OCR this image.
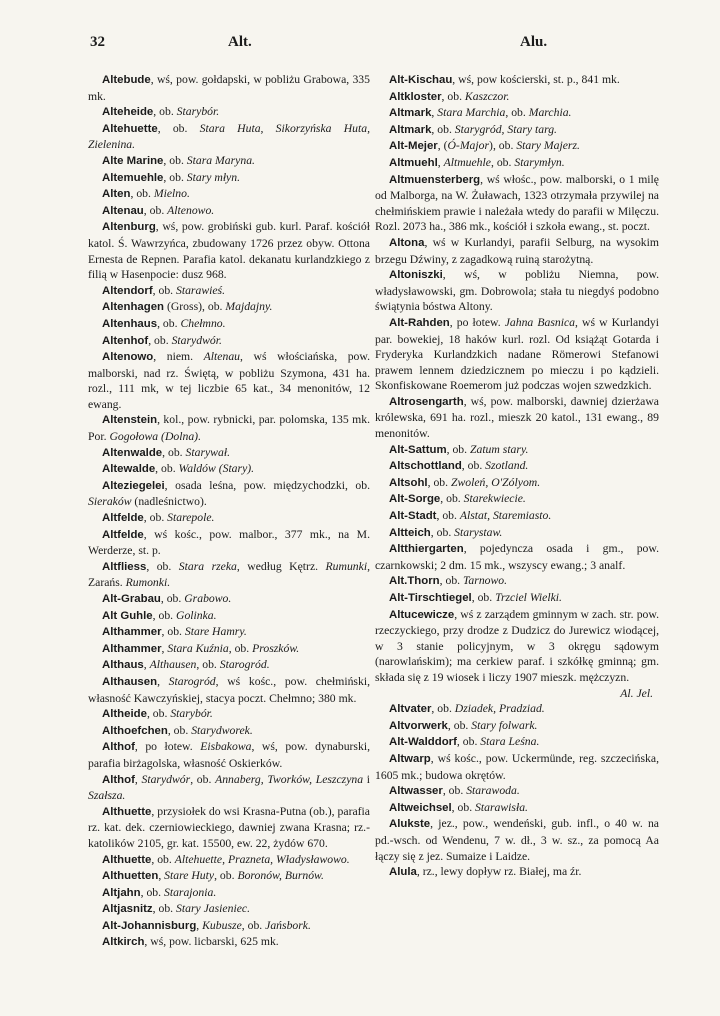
32	Alt.	Alu.

Altebude, wś, pow. gołdapski, w pobliżu Grabowa, 335 mk.

Alteheide, ob. Starybór.

Altehuette, ob. Stara Huta, Sikorzyńska Huta, Zielenina.

Alte Marine, ob. Stara Maryna.

Altemuehle, ob. Stary młyn.

Alten, ob. Mielno.

Altenau, ob. Altenowo.

Altenburg, wś, pow. grobiński gub. kurl. Paraf. kościół katol. Ś. Wawrzyńca, zbudowany 1726 przez obyw. Ottona Ernesta de Repnen. Parafia katol. dekanatu kurlandzkiego z filią w Hasenpocie: dusz 968.

Altendorf, ob. Starawieś.

Altenhagen (Gross), ob. Majdajny.

Altenhaus, ob. Chełmno.

Altenhof, ob. Starydwór.

Altenowo, niem. Altenau, wś włościańska, pow. malborski, nad rz. Świętą, w pobliżu Szymona, 431 ha. rozl., 111 mk, w tej liczbie 65 kat., 34 menonitów, 12 ewang.

Altenstein, kol., pow. rybnicki, par. polomska, 135 mk. Por. Gogołowa (Dolna).

Altenwalde, ob. Starywał.

Altewalde, ob. Waldów (Stary).

Alteziegelei, osada leśna, pow. międzychodzki, ob. Sieraków (nadleśnictwo).

Altfelde, ob. Starepole.

Altfelde, wś kośc., pow. malbor., 377 mk., na M. Werderze, st. p.

Altfliess, ob. Stara rzeka, według Kętrz. Rumunki, Zarańs. Rumonki.

Alt-Grabau, ob. Grabowo.

Alt Guhle, ob. Golinka.

Althammer, ob. Stare Hamry.

Althammer, Stara Kuźnia, ob. Proszków.

Althaus, Althausen, ob. Starogród.

Althausen, Starogród, wś kośc., pow. chełmiński, własność Kawczyńskiej, stacya poczt. Chełmno; 380 mk.

Altheide, ob. Starybór.

Althoefchen, ob. Starydworek.

Althof, po łotew. Eisbakowa, wś, pow. dynaburski, parafia birżagolska, własność Oskierków.

Althof, Starydwór, ob. Annaberg, Tworków, Leszczyna i Szałsza.

Althuette, przysiołek do wsi Krasna-Putna (ob.), parafia rz. kat. dek. czerniowieckiego, dawniej zwana Krasna; rz.-katolików 2105, gr. kat. 15500, ew. 22, żydów 670.

Althuette, ob. Altehuette, Prazneta, Władysławowo.

Althuetten, Stare Huty, ob. Boronów, Burnów.

Altjahn, ob. Starajonia.

Altjasnitz, ob. Stary Jasieniec.

Alt-Johannisburg, Kubusze, ob. Jańsbork.

Altkirch, wś, pow. licbarski, 625 mk.

Alt-Kischau, wś, pow kościerski, st. p., 841 mk.

Altkloster, ob. Kaszczor.

Altmark, Stara Marchia, ob. Marchia.

Altmark, ob. Starygród, Stary targ.

Alt-Mejer, (Ó-Major), ob. Stary Majerz.

Altmuehl, Altmuehle, ob. Starymłyn.

Altmuensterberg, wś włośc., pow. malborski, o 1 milę od Malborga, na W. Żuławach, 1323 otrzymała przywilej na chełmińskiem prawie i należała wtedy do parafii w Milęczu. Rozl. 2073 ha., 386 mk., kościół i szkoła ewang., st. poczt.

Altona, wś w Kurlandyi, parafii Selburg, na wysokim brzegu Dźwiny, z zagadkową ruiną starożytną.

Altoniszki, wś, w pobliżu Niemna, pow. władysławowski, gm. Dobrowola; stała tu niegdyś podobno świątynia bóstwa Altony.

Alt-Rahden, po łotew. Jahna Basnica, wś w Kurlandyi par. bowekiej, 18 haków kurl. rozl. Od książąt Gotarda i Fryderyka Kurlandzkich nadane Römerowi Stefanowi prawem lennem dziedzicznem po mieczu i po kądzieli. Skonfiskowane Roemerom już podczas wojen szwedzkich.

Altrosengarth, wś, pow. malborski, dawniej dzierżawa królewska, 691 ha. rozl., mieszk 20 katol., 131 ewang., 89 menonitów.

Alt-Sattum, ob. Zatum stary.

Altschottland, ob. Szotland.

Altsohl, ob. Zwoleń, O'Zólyom.

Alt-Sorge, ob. Starekwiecie.

Alt-Stadt, ob. Alstat, Staremiasto.

Altteich, ob. Starystaw.

Altthiergarten, pojedyncza osada i gm., pow. czarnkowski; 2 dm. 15 mk., wszyscy ewang.; 3 analf.

Alt.Thorn, ob. Tarnowo.

Alt-Tirschtiegel, ob. Trzciel Wielki.

Altucewicze, wś z zarządem gminnym w zach. str. pow. rzeczyckiego, przy drodze z Dudzicz do Jurewicz wiodącej, w 3 stanie policyjnym, w 3 okręgu sądowym (narowlańskim); ma cerkiew paraf. i szkółkę gminną; gm. składa się z 19 wiosek i liczy 1907 mieszk. mężczyzn.

Al. Jel.

Altvater, ob. Dziadek, Pradziad.

Altvorwerk, ob. Stary folwark.

Alt-Walddorf, ob. Stara Leśna.

Altwarp, wś kośc., pow. Uckermünde, reg. szczecińska, 1605 mk.; budowa okrętów.

Altwasser, ob. Starawoda.

Altweichsel, ob. Starawisła.

Alukste, jez., pow., wendeński, gub. infl., o 40 w. na pd.-wsch. od Wendenu, 7 w. dł., 3 w. sz., za pomocą Aa łączy się z jez. Sumaize i Laidze.

Alula, rz., lewy dopływ rz. Białej, ma źr.
